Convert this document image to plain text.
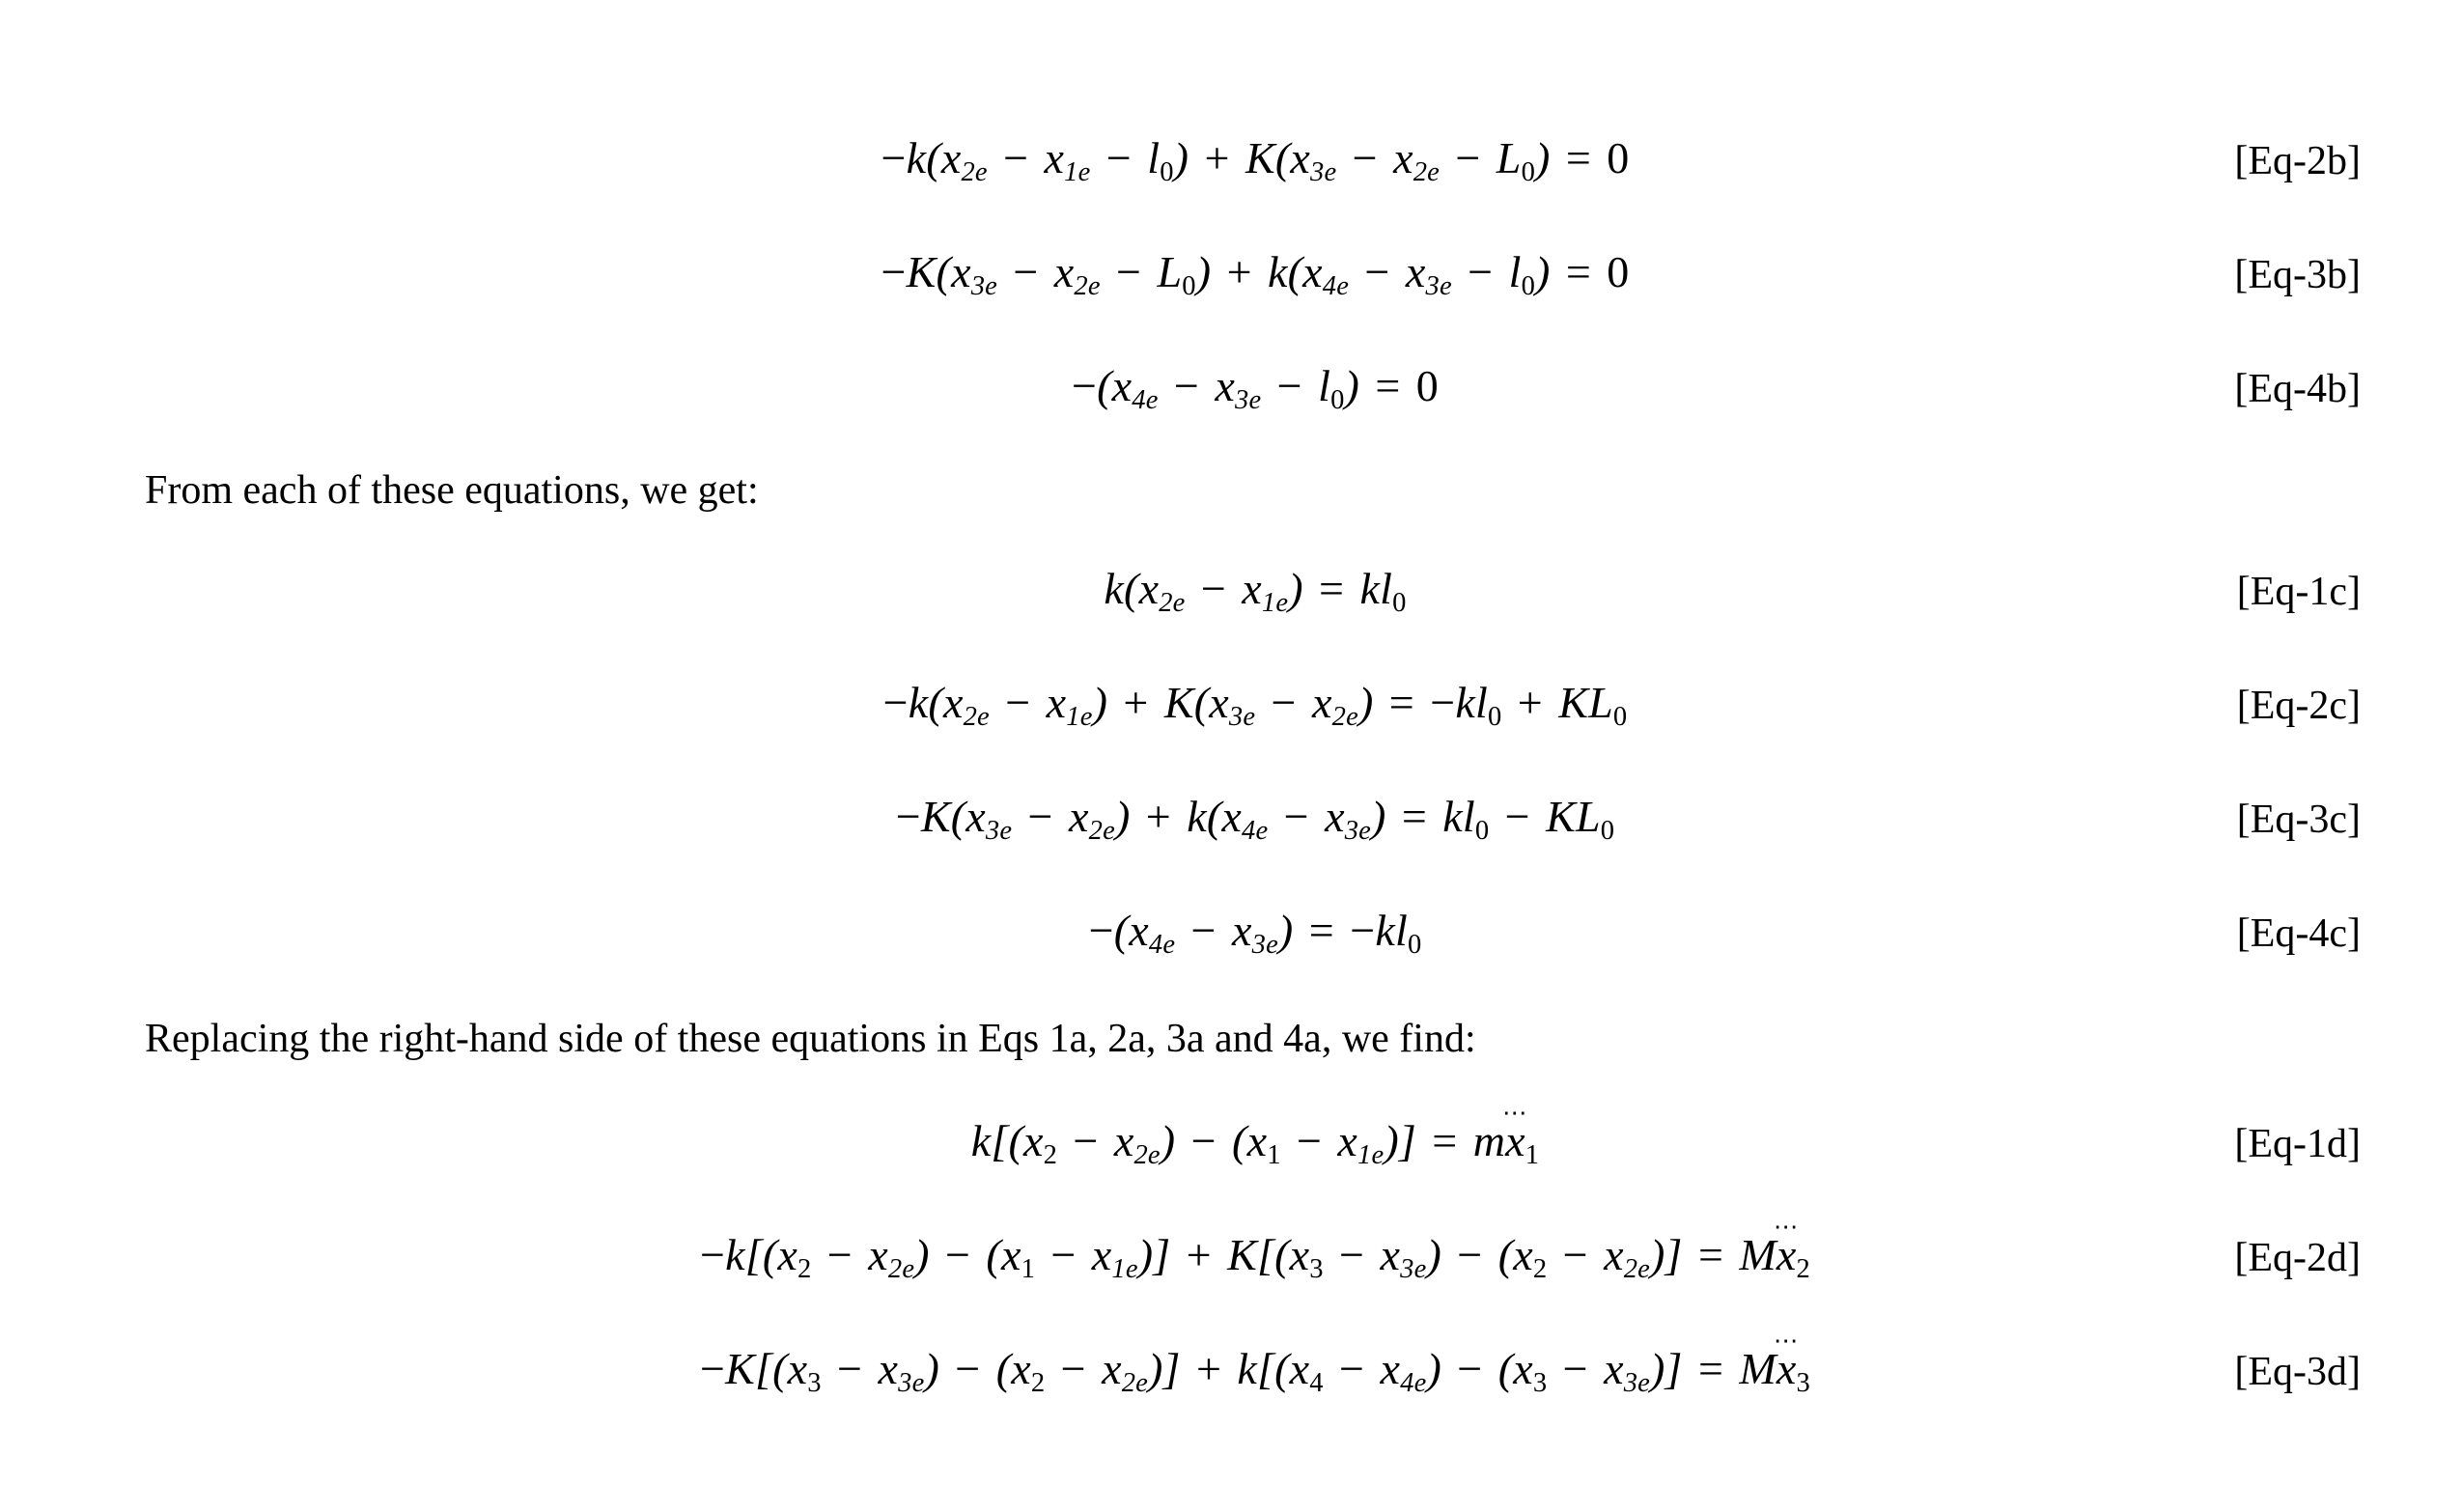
$-k(x_{2e} - x_{1e} - l_0) + K(x_{3e} - x_{2e} - L_0) = 0$	[Eq-2b]
$-K(x_{3e} - x_{2e} - L_0) + k(x_{4e} - x_{3e} - l_0) = 0$	[Eq-3b]
$-(x_{4e} - x_{3e} - l_0) = 0$	[Eq-4b]
From each of these equations, we get:
$k(x_{2e} - x_{1e}) = kl_0$	[Eq-1c]
$-k(x_{2e} - x_{1e}) + K(x_{3e} - x_{2e}) = -kl_0 + KL_0$	[Eq-2c]
$-K(x_{3e} - x_{2e}) + k(x_{4e} - x_{3e}) = kl_0 - KL_0$	[Eq-3c]
$-(x_{4e} - x_{3e}) = -kl_0$	[Eq-4c]
Replacing the right-hand side of these equations in Eqs 1a, 2a, 3a and 4a, we find:
$k[(x_2 - x_{2e}) - (x_1 - x_{1e})] = m$
⋯
$x_1$	[Eq-1d]
$-k[(x_2 - x_{2e}) - (x_1 - x_{1e})] + K[(x_3 - x_{3e}) - (x_2 - x_{2e})] = M$
⋯
$x_2$	[Eq-2d]
$-K[(x_3 - x_{3e}) - (x_2 - x_{2e})] + k[(x_4 - x_{4e}) - (x_3 - x_{3e})] = M$
⋯
$x_3$	[Eq-3d]
